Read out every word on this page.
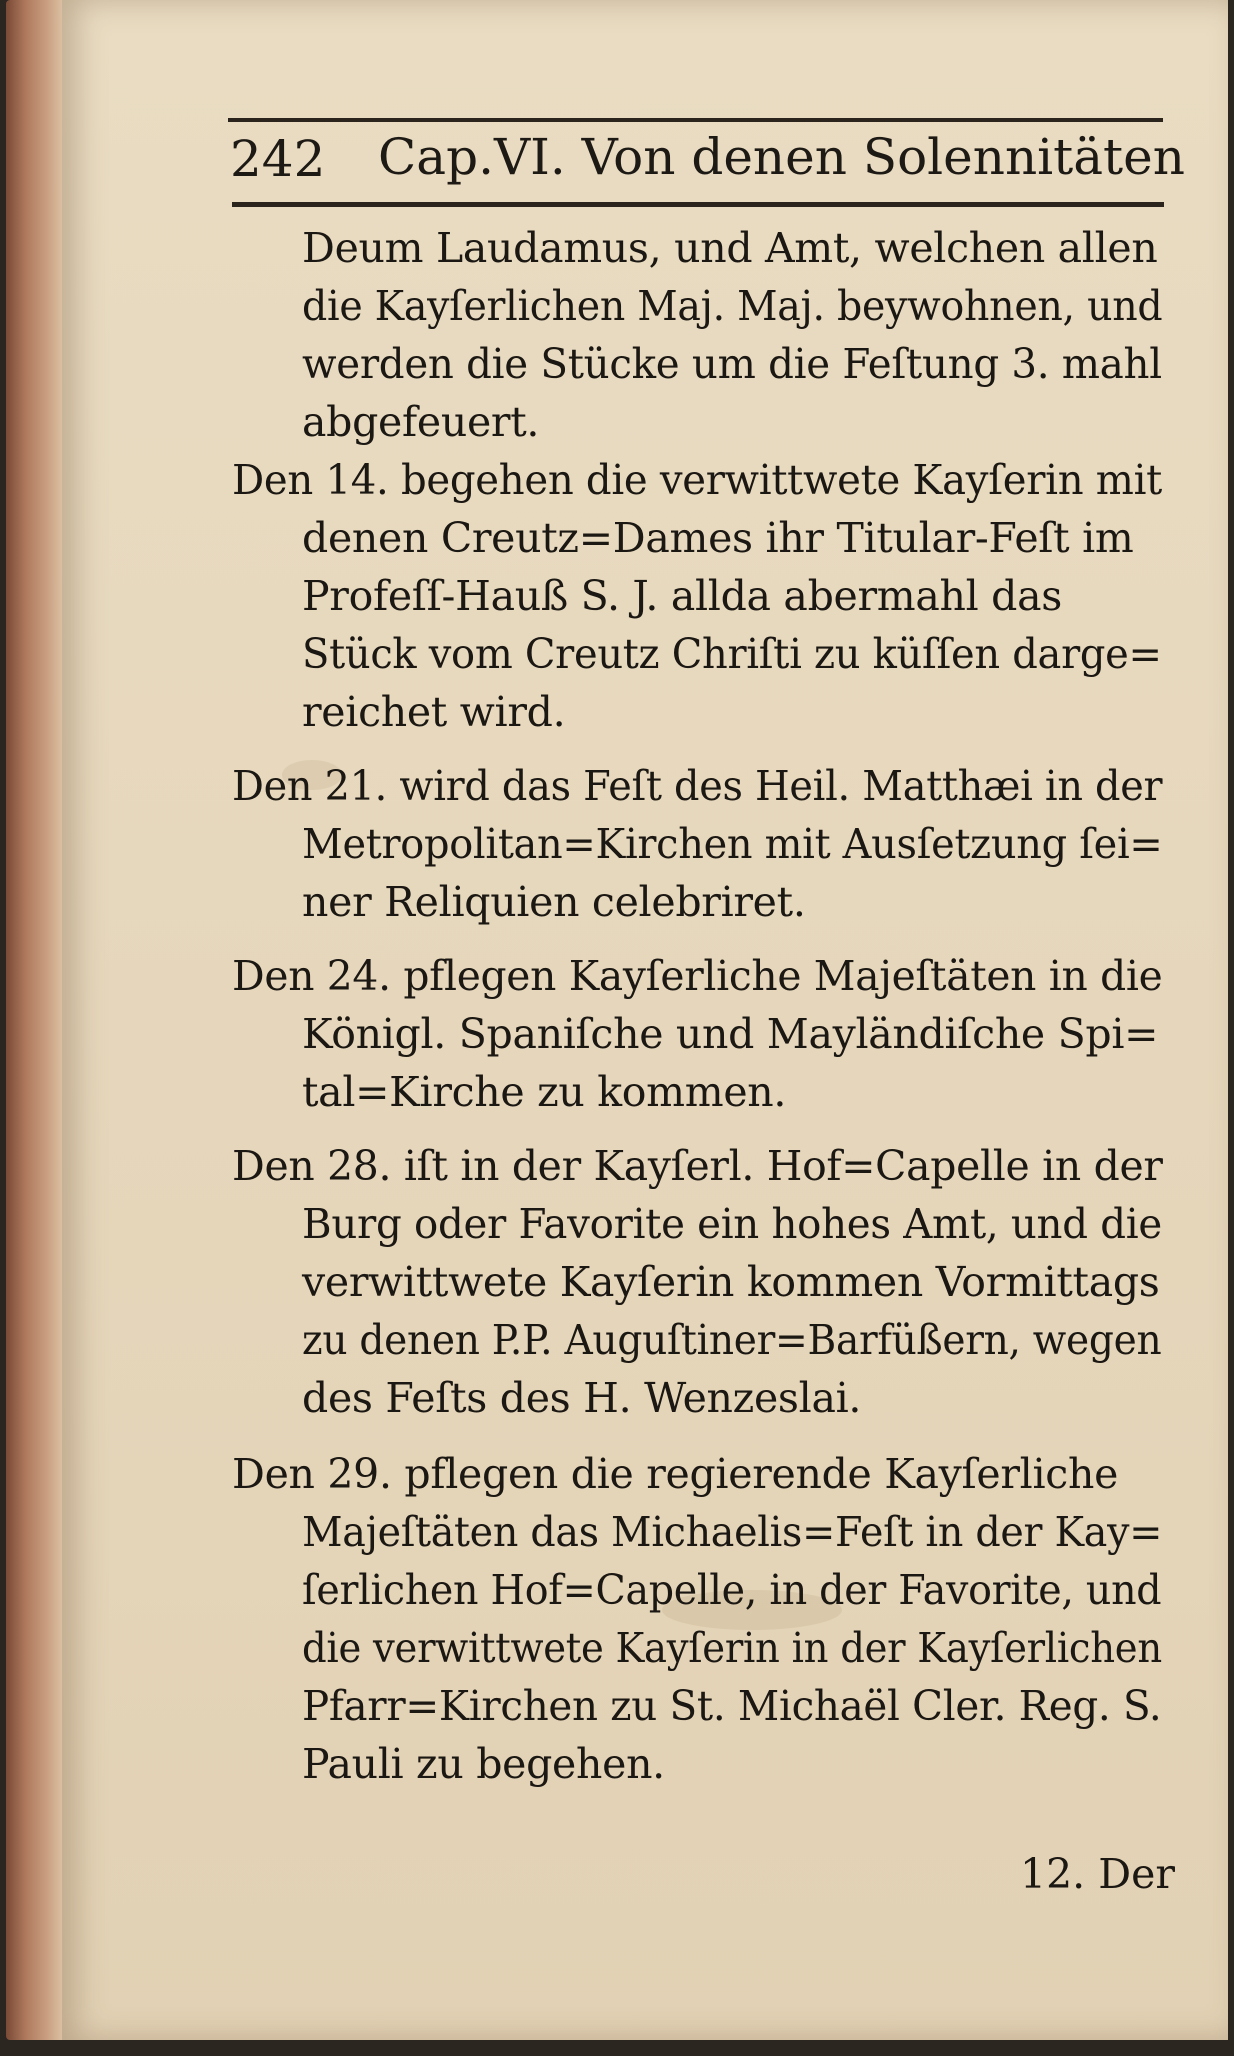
242 Cap.VI. Von denen Solennitäten
Deum Laudamus, und Amt, welchen allen
die Kayſerlichen Maj. Maj. beywohnen, und
werden die Stücke um die Feſtung 3. mahl
abgefeuert.
Den 14. begehen die verwittwete Kayſerin mit
denen Creutz=Dames ihr Titular-Feſt im
Profeſſ-Hauß S. J. allda abermahl das
Stück vom Creutz Chriſti zu küſſen darge=
reichet wird.
Den 21. wird das Feſt des Heil. Matthæi in der
Metropolitan=Kirchen mit Ausſetzung ſei=
ner Reliquien celebriret.
Den 24. pflegen Kayſerliche Majeſtäten in die
Königl. Spaniſche und Mayländiſche Spi=
tal=Kirche zu kommen.
Den 28. iſt in der Kayſerl. Hof=Capelle in der
Burg oder Favorite ein hohes Amt, und die
verwittwete Kayſerin kommen Vormittags
zu denen P.P. Auguſtiner=Barfüßern, wegen
des Feſts des H. Wenzeslai.
Den 29. pflegen die regierende Kayſerliche
Majeſtäten das Michaelis=Feſt in der Kay=
ſerlichen Hof=Capelle, in der Favorite, und
die verwittwete Kayſerin in der Kayſerlichen
Pfarr=Kirchen zu St. Michaël Cler. Reg. S.
Pauli zu begehen.
12. Der
